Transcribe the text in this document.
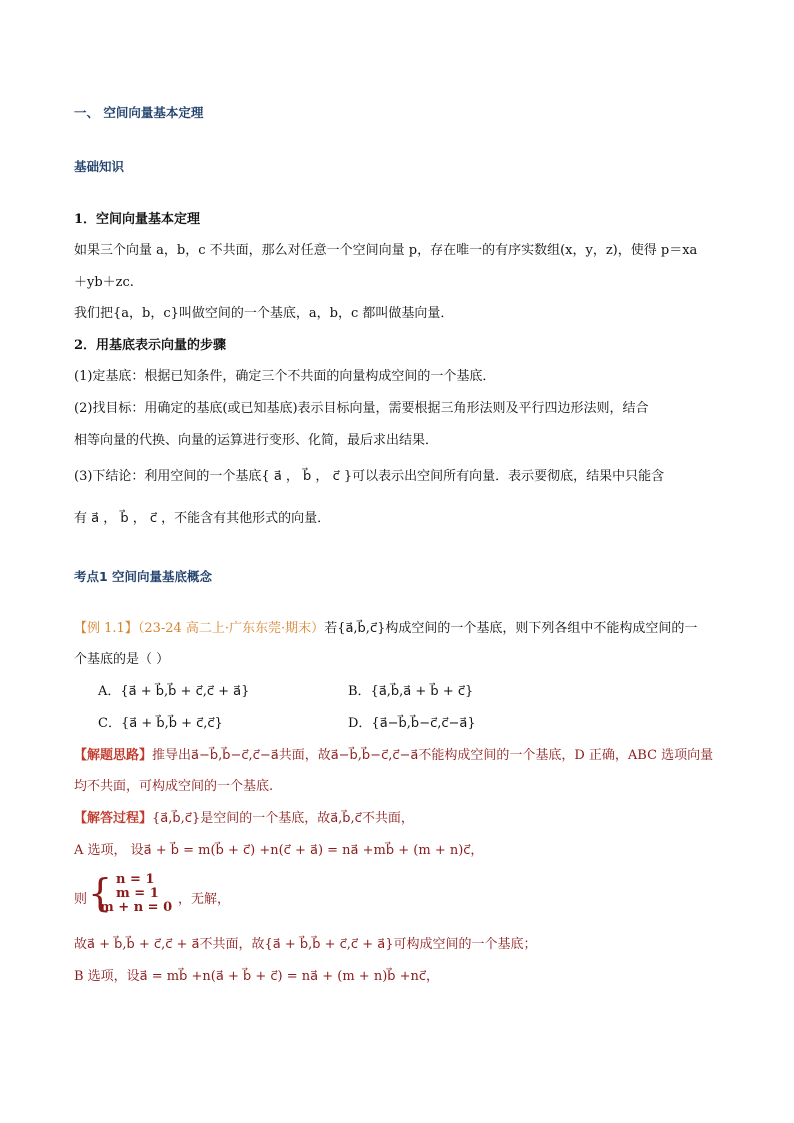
一、 空间向量基本定理
基础知识
1．空间向量基本定理
如果三个向量 a，b，c 不共面，那么对任意一个空间向量 p，存在唯一的有序实数组(x，y，z)，使得 p＝xa
＋yb＋zc.
我们把{a，b，c}叫做空间的一个基底，a，b，c 都叫做基向量．
2．用基底表示向量的步骤
(1)定基底：根据已知条件，确定三个不共面的向量构成空间的一个基底．
(2)找目标：用确定的基底(或已知基底)表示目标向量，需要根据三角形法则及平行四边形法则，结合
相等向量的代换、向量的运算进行变形、化简，最后求出结果．
(3)下结论：利用空间的一个基底{ a⃗ ， b⃗ ， c⃗ }可以表示出空间所有向量．表示要彻底，结果中只能含
有 a⃗ ， b⃗ ， c⃗ ，不能含有其他形式的向量．
考点1 空间向量基底概念
【例 1.1】（23-24 高二上·广东东莞·期末）若{a⃗,b⃗,c⃗}构成空间的一个基底，则下列各组中不能构成空间的一
个基底的是（ ）
A．{a⃗ + b⃗,b⃗ + c⃗,c⃗ + a⃗}	B．{a⃗,b⃗,a⃗ + b⃗ + c⃗}
C．{a⃗ + b⃗,b⃗ + c⃗,c⃗}	D．{a⃗−b⃗,b⃗−c⃗,c⃗−a⃗}
【解题思路】推导出a⃗−b⃗,b⃗−c⃗,c⃗−a⃗共面，故a⃗−b⃗,b⃗−c⃗,c⃗−a⃗不能构成空间的一个基底，D 正确，ABC 选项向量
均不共面，可构成空间的一个基底.
【解答过程】{a⃗,b⃗,c⃗}是空间的一个基底，故a⃗,b⃗,c⃗不共面，
A 选项， 设a⃗ + b⃗ = m(b⃗ + c⃗) +n(c⃗ + a⃗) = na⃗ +mb⃗ + (m + n)c⃗，
则 { n = 1
m = 1
m + n = 0
，无解，
故a⃗ + b⃗,b⃗ + c⃗,c⃗ + a⃗不共面，故{a⃗ + b⃗,b⃗ + c⃗,c⃗ + a⃗}可构成空间的一个基底；
B 选项，设a⃗ = mb⃗ +n(a⃗ + b⃗ + c⃗) = na⃗ + (m + n)b⃗ +nc⃗，
